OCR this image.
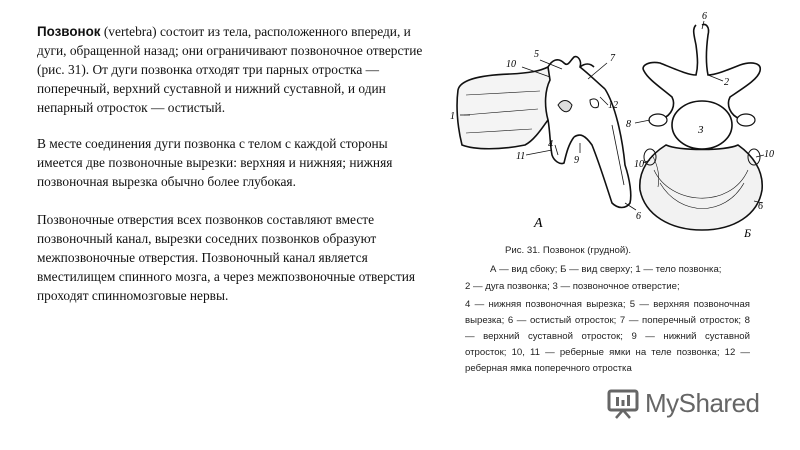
Позвонок (vertebra) состоит из тела, расположенного впереди, и дуги, обращенной назад; они ограничивают позвоночное отверстие (рис. 31). От дуги позвонка отходят три парных отростка — поперечный, верхний суставной и нижний суставной, и один непарный отросток — остистый.
В месте соединения дуги позвонка с телом с каждой стороны имеется две позвоночные вырезки: верхняя и нижняя; нижняя позвоночная вырезка обычно более глубокая.
Позвоночные отверстия всех позвонков составляют вместе позвоночный канал, вырезки соседних позвонков образуют межпозвоночные отверстия. Позвоночный канал является вместилищем спинного мозга, а через межпозвоночные отверстия проходят спинномозговые нервы.
10
5	7
1
11
4
9
6
12
А
6
2
8	3
10
10
6
Б
Рис. 31. Позвонок (грудной).
А — вид сбоку; Б — вид сверху; 1 — тело позвонка;
2 — дуга позвонка; 3 — позвоночное отверстие;
4 — нижняя позвоночная вырезка; 5 — верхняя позвоночная вырезка; 6 — остистый отросток; 7 — поперечный отросток; 8 — верхний суставной отросток; 9 — нижний суставной отросток; 10, 11 — реберные ямки на теле позвонка; 12 — реберная ямка поперечного отростка
MyShared
